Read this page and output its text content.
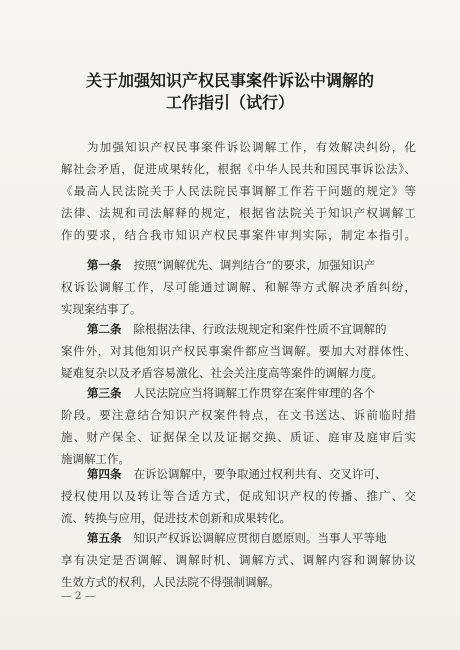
关于加强知识产权民事案件诉讼中调解的
工作指引（试行）
为加强知识产权民事案件诉讼调解工作，有效解决纠纷，化
解社会矛盾，促进成果转化，根据《中华人民共和国民事诉讼法》、
《最高人民法院关于人民法院民事调解工作若干问题的规定》等
法律、法规和司法解释的规定，根据省法院关于知识产权调解工
作的要求，结合我市知识产权民事案件审判实际，制定本指引。
第一条 按照“调解优先、调判结合”的要求，加强知识产
权诉讼调解工作，尽可能通过调解、和解等方式解决矛盾纠纷，
实现案结事了。
第二条 除根据法律、行政法规规定和案件性质不宜调解的
案件外，对其他知识产权民事案件都应当调解。要加大对群体性、
疑难复杂以及矛盾容易激化、社会关注度高等案件的调解力度。
第三条 人民法院应当将调解工作贯穿在案件审理的各个
阶段。要注意结合知识产权案件特点，在文书送达、诉前临时措
施、财产保全、证据保全以及证据交换、质证、庭审及庭审后实
施调解工作。
第四条 在诉讼调解中，要争取通过权利共有、交叉许可、
授权使用以及转让等合适方式，促成知识产权的传播、推广、交
流、转换与应用，促进技术创新和成果转化。
第五条 知识产权诉讼调解应贯彻自愿原则。当事人平等地
享有决定是否调解、调解时机、调解方式、调解内容和调解协议
生效方式的权利，人民法院不得强制调解。
— 2 —
